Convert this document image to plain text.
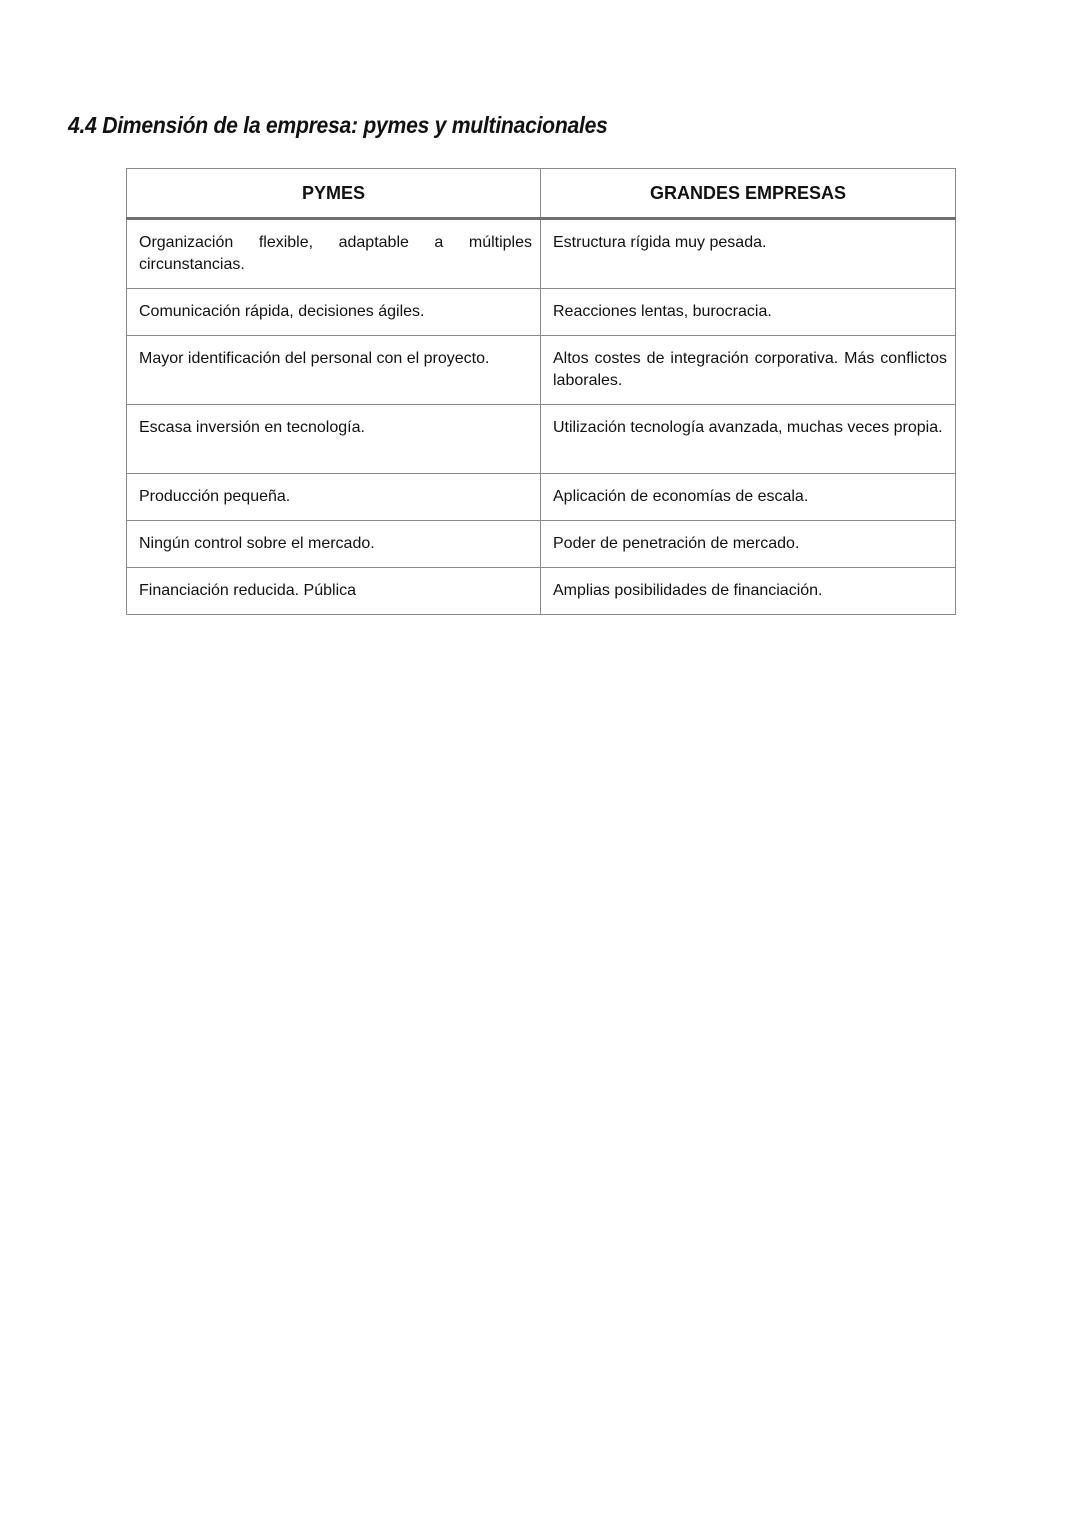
4.4 Dimensión de la empresa: pymes y multinacionales
PYMES	GRANDES EMPRESAS
Organización flexible, adaptable a múltiples circunstancias.	Estructura rígida muy pesada.
Comunicación rápida, decisiones ágiles.	Reacciones lentas, burocracia.
Mayor identificación del personal con el proyecto.	Altos costes de integración corporativa. Más conflictos laborales.
Escasa inversión en tecnología.	Utilización tecnología avanzada, muchas veces propia.
Producción pequeña.	Aplicación de economías de escala.
Ningún control sobre el mercado.	Poder de penetración de mercado.
Financiación reducida. Pública	Amplias posibilidades de financiación.
